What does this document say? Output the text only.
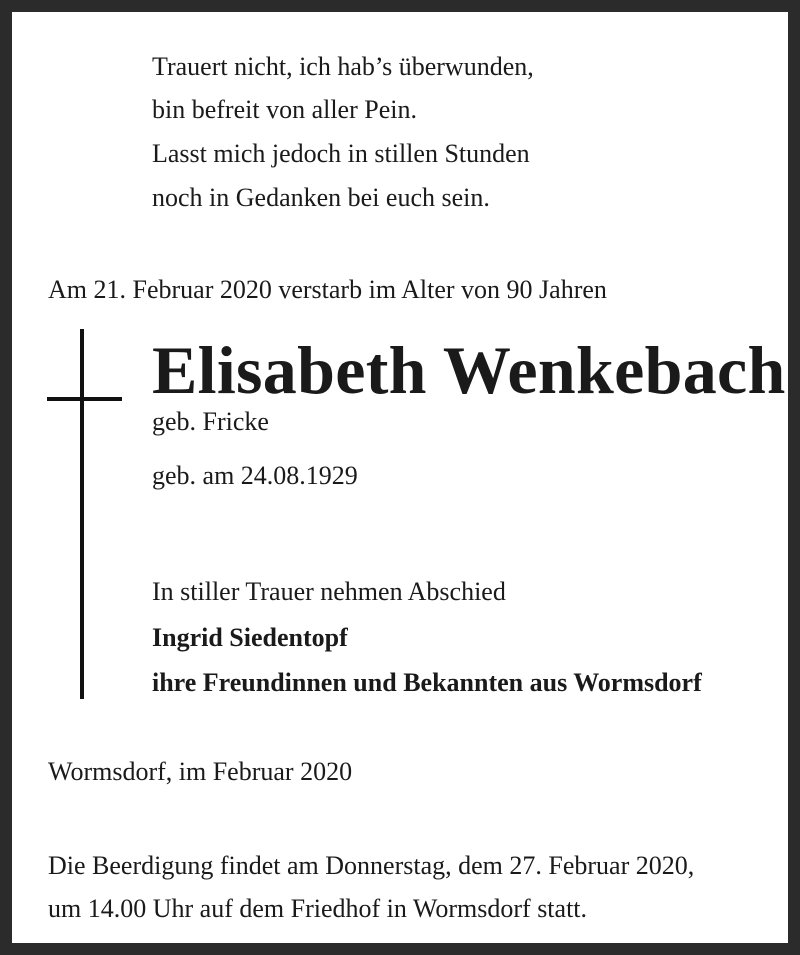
Trauert nicht, ich hab’s überwunden,
bin befreit von aller Pein.
Lasst mich jedoch in stillen Stunden
noch in Gedanken bei euch sein.
Am 21. Februar 2020 verstarb im Alter von 90 Jahren
Elisabeth Wenkebach
geb. Fricke
geb. am 24.08.1929
In stiller Trauer nehmen Abschied
Ingrid Siedentopf
ihre Freundinnen und Bekannten aus Wormsdorf
Wormsdorf, im Februar 2020
Die Beerdigung findet am Donnerstag, dem 27. Februar 2020,
um 14.00 Uhr auf dem Friedhof in Wormsdorf statt.
